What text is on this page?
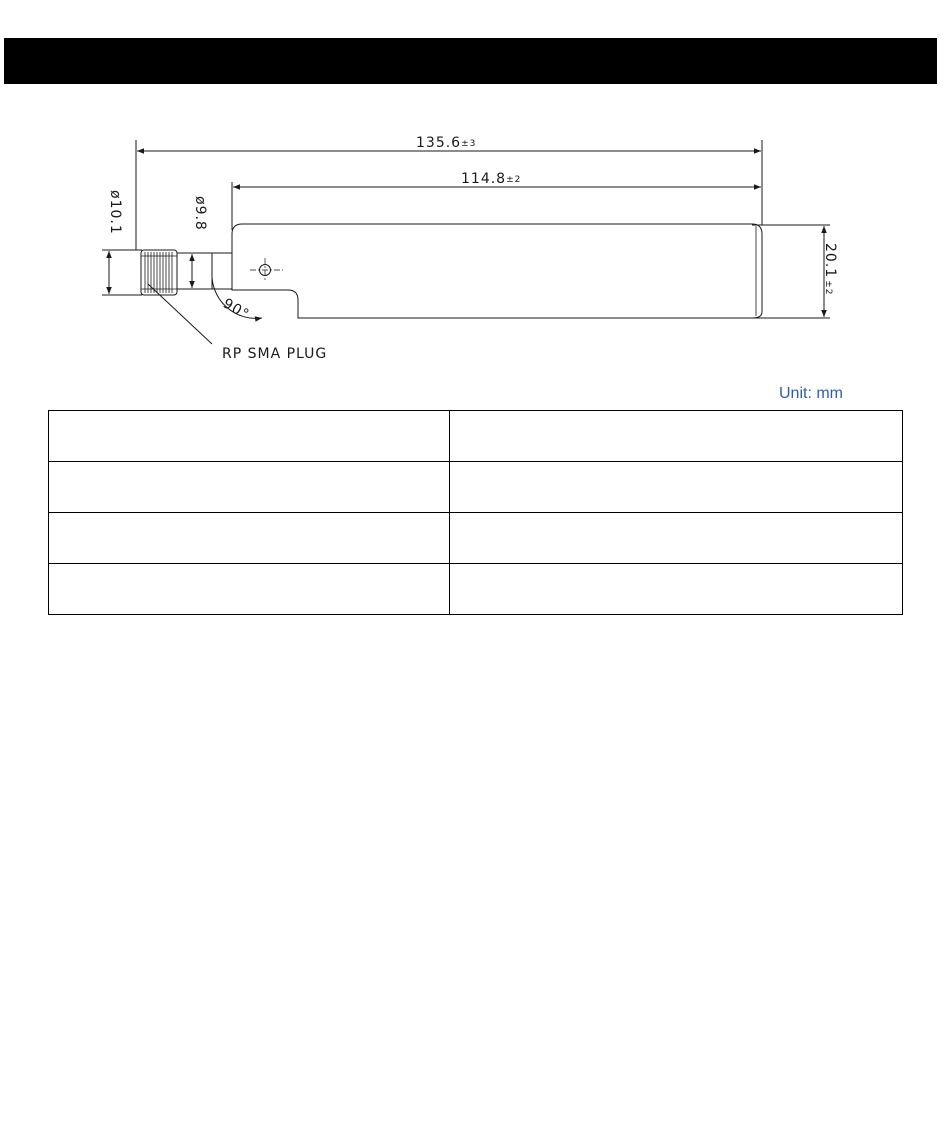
135.6±3
114.8±2
ø10.1	ø9.8
20.1±2
90°
RP SMA PLUG
Unit: mm
